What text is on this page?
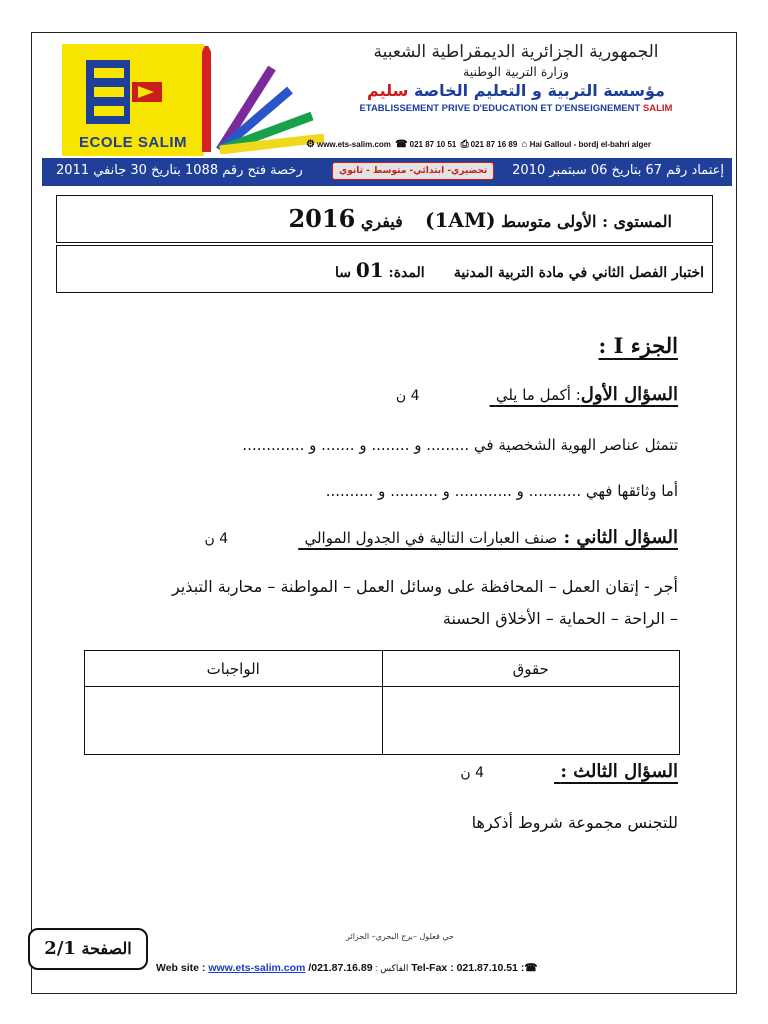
ECOLE SALIM
الجمهورية الجزائرية الديمقراطية الشعبية
وزارة التربية الوطنية
مؤسسة التربية و التعليم الخاصة سليم
ETABLISSEMENT PRIVE D'EDUCATION ET D'ENSEIGNEMENT SALIM
⚙ www.ets-salim.com ☎ 021 87 10 51 ⎙ 021 87 16 89 ⌂ Hai Galloul - bordj el-bahri alger
إعتماد رقم 67 بتاريخ 06 سبتمبر 2010
تحضيري- ابتدائي- متوسط - ثانوي
رخصة فتح رقم 1088 بتاريخ 30 جانفي 2011
المستوى : الأولى متوسط (1AM)    فيفري 2016
اختبار الفصل الثاني في مادة التربية المدنية      المدة: 01 سا
الجزء I :
السؤال الأول: أكمل ما يلي 4 ن
تتمثل عناصر الهوية الشخصية في ......... و ........ و ....... و .............
أما وثائقها فهي ........... و ............ و .......... و ..........
السؤال الثاني : صنف العبارات التالية في الجدول الموالي 4 ن
أجر - إتقان العمل – المحافظة على وسائل العمل – المواطنة – محاربة التبذير
– الراحة – الحماية – الأخلاق الحسنة
حقوق	الواجبات

السؤال الثالث : 4 ن
للتجنس مجموعة شروط أذكرها
الصفحة 2/1
حي قعلول –برج البحري– الجزائر
Web site : www.ets-salim.com /021.87.16.89 : الفاكس Tel-Fax : 021.87.10.51 :☎
